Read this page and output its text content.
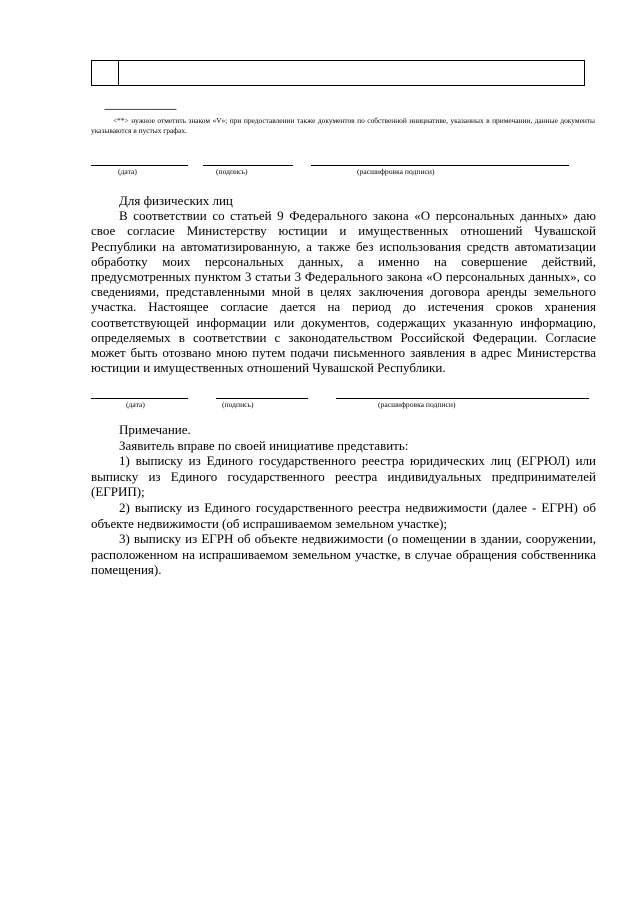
------------------------------------
<**> нужное отметить знаком «V»; при предоставлении также документов по собственной инициативе, указанных в примечании, данные документы указываются в пустых графах.
(дата)	(подпись)	(расшифровка подписи)

Для физических лиц

В соответствии со статьей 9 Федерального закона «О персональных данных» даю свое согласие Министерству юстиции и имущественных отношений Чувашской Республики на автоматизированную, а также без использования средств автоматизации обработку моих персональных данных, а именно на совершение действий, предусмотренных пунктом 3 статьи 3 Федерального закона «О персональных данных», со сведениями, представленными мной в целях заключения договора аренды земельного участка. Настоящее согласие дается на период до истечения сроков хранения соответствующей информации или документов, содержащих указанную информацию, определяемых в соответствии с законодательством Российской Федерации. Согласие может быть отозвано мною путем подачи письменного заявления в адрес Министерства юстиции и имущественных отношений Чувашской Республики.

(дата)	(подпись)	(расшифровка подписи)

Примечание.

Заявитель вправе по своей инициативе представить:

1) выписку из Единого государственного реестра юридических лиц (ЕГРЮЛ) или выписку из Единого государственного реестра индивидуальных предпринимателей (ЕГРИП);

2) выписку из Единого государственного реестра недвижимости (далее - ЕГРН) об объекте недвижимости (об испрашиваемом земельном участке);

3) выписку из ЕГРН об объекте недвижимости (о помещении в здании, сооружении, расположенном на испрашиваемом земельном участке, в случае обращения собственника помещения).
